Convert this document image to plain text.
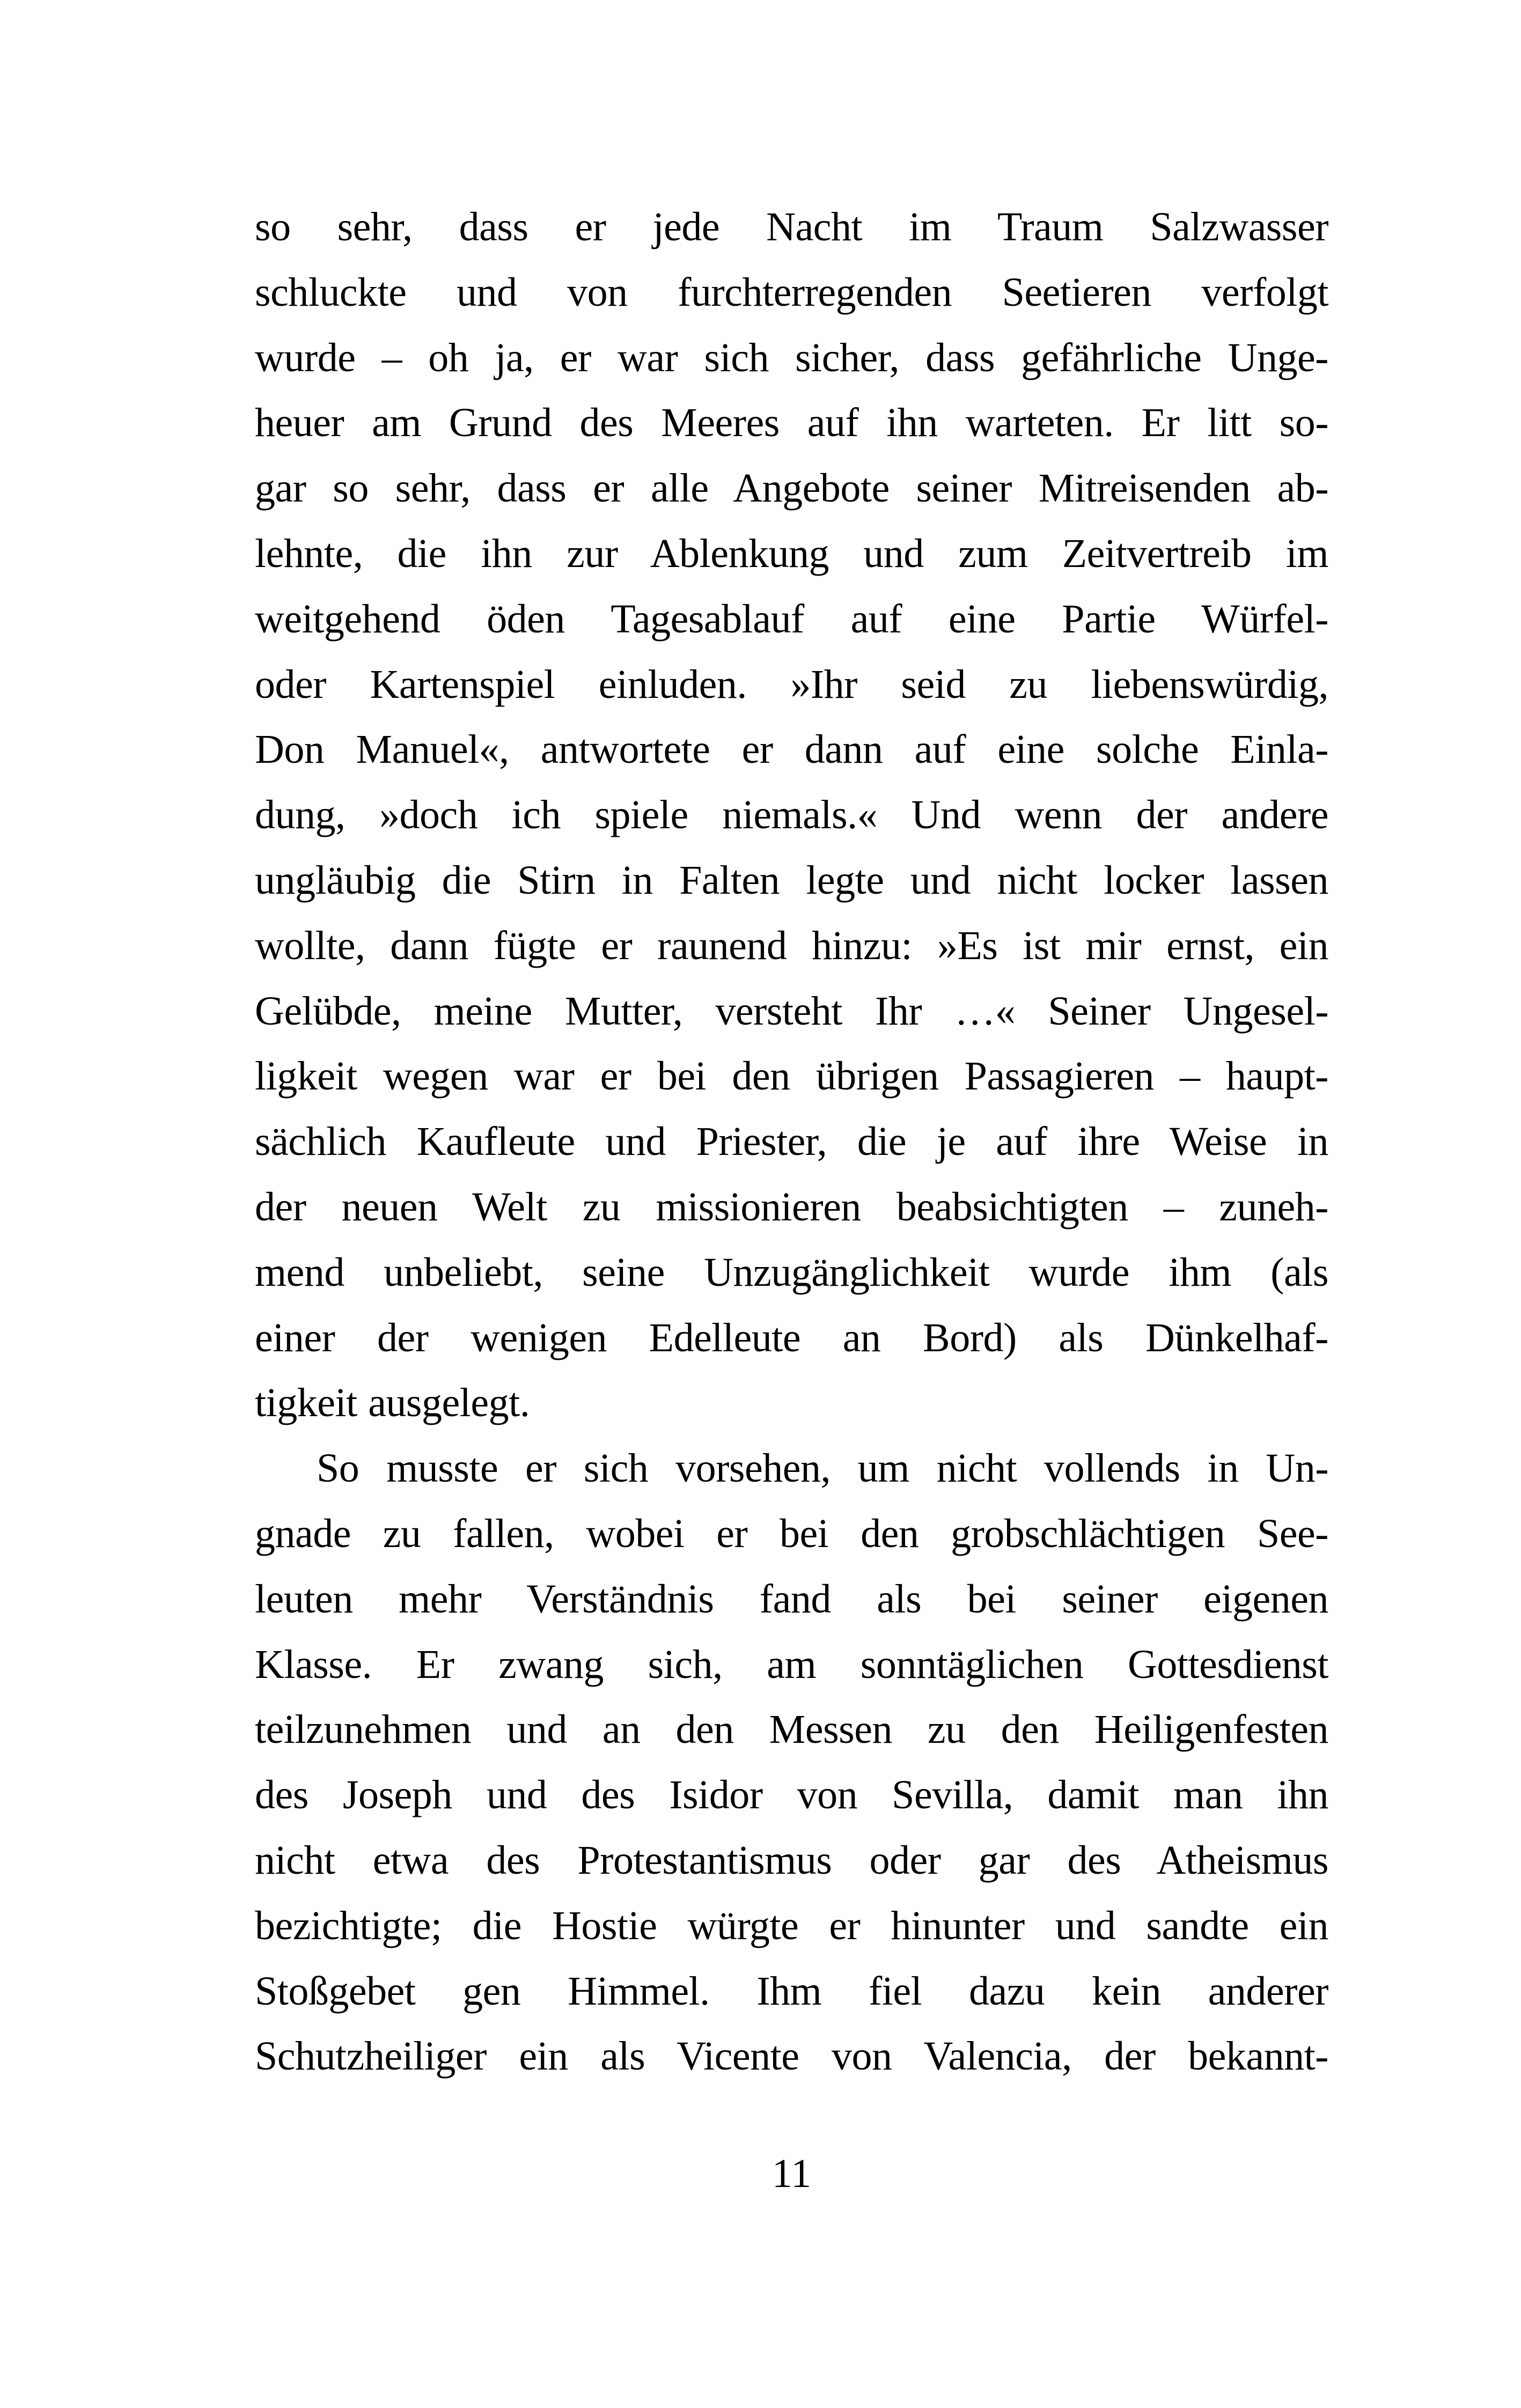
so sehr, dass er jede Nacht im Traum Salzwasser
schluckte und von furchterregenden Seetieren verfolgt
wurde – oh ja, er war sich sicher, dass gefährliche Unge-
heuer am Grund des Meeres auf ihn warteten. Er litt so-
gar so sehr, dass er alle Angebote seiner Mitreisenden ab-
lehnte, die ihn zur Ablenkung und zum Zeitvertreib im
weitgehend öden Tagesablauf auf eine Partie Würfel-
oder Kartenspiel einluden. »Ihr seid zu liebenswürdig,
Don Manuel«, antwortete er dann auf eine solche Einla-
dung, »doch ich spiele niemals.« Und wenn der andere
ungläubig die Stirn in Falten legte und nicht locker lassen
wollte, dann fügte er raunend hinzu: »Es ist mir ernst, ein
Gelübde, meine Mutter, versteht Ihr …« Seiner Ungesel-
ligkeit wegen war er bei den übrigen Passagieren – haupt-
sächlich Kaufleute und Priester, die je auf ihre Weise in
der neuen Welt zu missionieren beabsichtigten – zuneh-
mend unbeliebt, seine Unzugänglichkeit wurde ihm (als
einer der wenigen Edelleute an Bord) als Dünkelhaf-
tigkeit ausgelegt.
So musste er sich vorsehen, um nicht vollends in Un-
gnade zu fallen, wobei er bei den grobschlächtigen See-
leuten mehr Verständnis fand als bei seiner eigenen
Klasse. Er zwang sich, am sonntäglichen Gottesdienst
teilzunehmen und an den Messen zu den Heiligenfesten
des Joseph und des Isidor von Sevilla, damit man ihn
nicht etwa des Protestantismus oder gar des Atheismus
bezichtigte; die Hostie würgte er hinunter und sandte ein
Stoßgebet gen Himmel. Ihm fiel dazu kein anderer
Schutzheiliger ein als Vicente von Valencia, der bekannt-
11
